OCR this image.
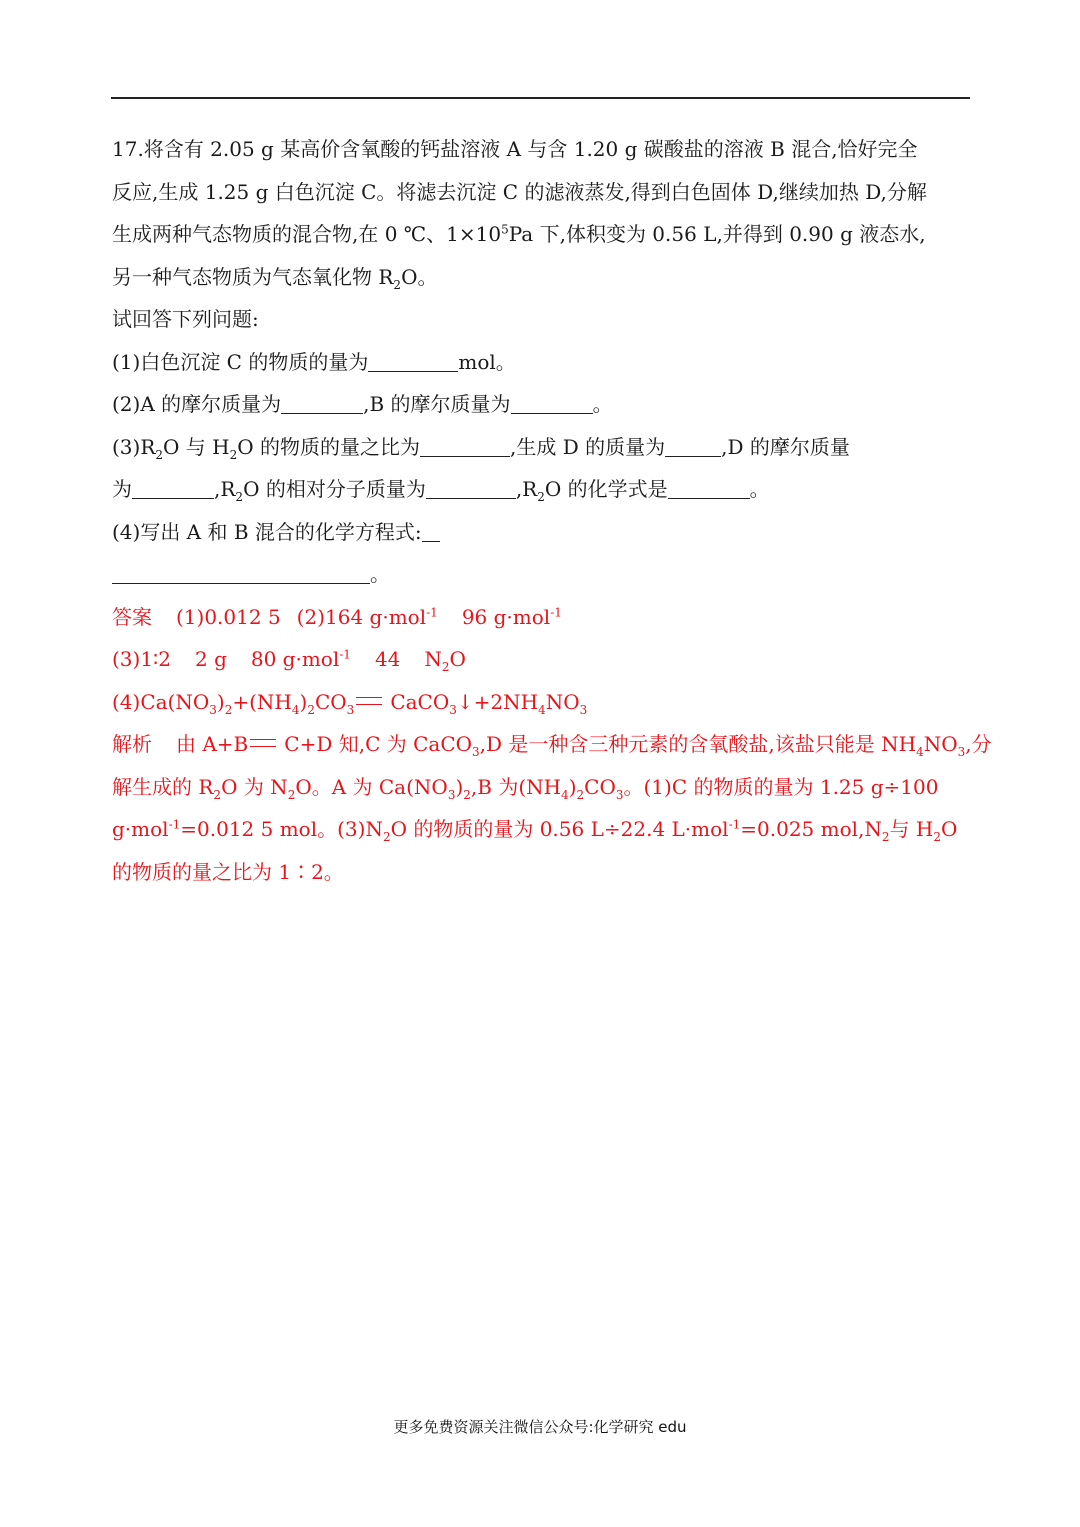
17.将含有 2.05 g 某高价含氧酸的钙盐溶液 A 与含 1.20 g 碳酸盐的溶液 B 混合,恰好完全
反应,生成 1.25 g 白色沉淀 C。将滤去沉淀 C 的滤液蒸发,得到白色固体 D,继续加热 D,分解
生成两种气态物质的混合物,在 0 ℃、$1\times 10^5Pa$ 下,体积变为 0.56 L,并得到 0.90 g 液态水,
另一种气态物质为气态氧化物 $R_2O$。
试回答下列问题:
(1)白色沉淀 C 的物质的量为	mol。
(2)A 的摩尔质量为	,B 的摩尔质量为	。
$(3)R_2O$ 与 $H_2O$ 的物质的量之比为	,生成 D 的质量为	,D 的摩尔质量
为	$,R_2O$ 的相对分子质量为	$,R_2O$ 的化学式是	。
(4)写出 A 和 B 混合的化学方程式:
。
答案 (1)0.012 5 (2)164 g·mol$^{-1}$ 96 g·mol$^{-1}$
(3)1∶2 2 g 80 g·mol$^{-1}$ 44 $N_2O$
$(4)Ca(NO_3)_2+(NH_4)_2CO_3$ $CaCO_3↓+2NH_4NO_3$
解析 由 A+B C+D 知,C 为 CaCO$_3$,D 是一种含三种元素的含氧酸盐,该盐只能是 $NH_4NO_3$,分
解生成的 $R_2O$ 为 $N_2O$。A 为 $Ca(NO_3)_2,B$ 为$(NH_4)_2CO_3$。(1)C 的物质的量为 1.25 g÷100
g·mol$^{-1}$=0.012 5 mol。$(3)N_2O$ 的物质的量为 0.56 L÷22.4 L·mol$^{-1}$=0.025 $mol,N_2$与 $H_2O$
的物质的量之比为 1∶2。
更多免费资源关注微信公众号:化学研究 edu
